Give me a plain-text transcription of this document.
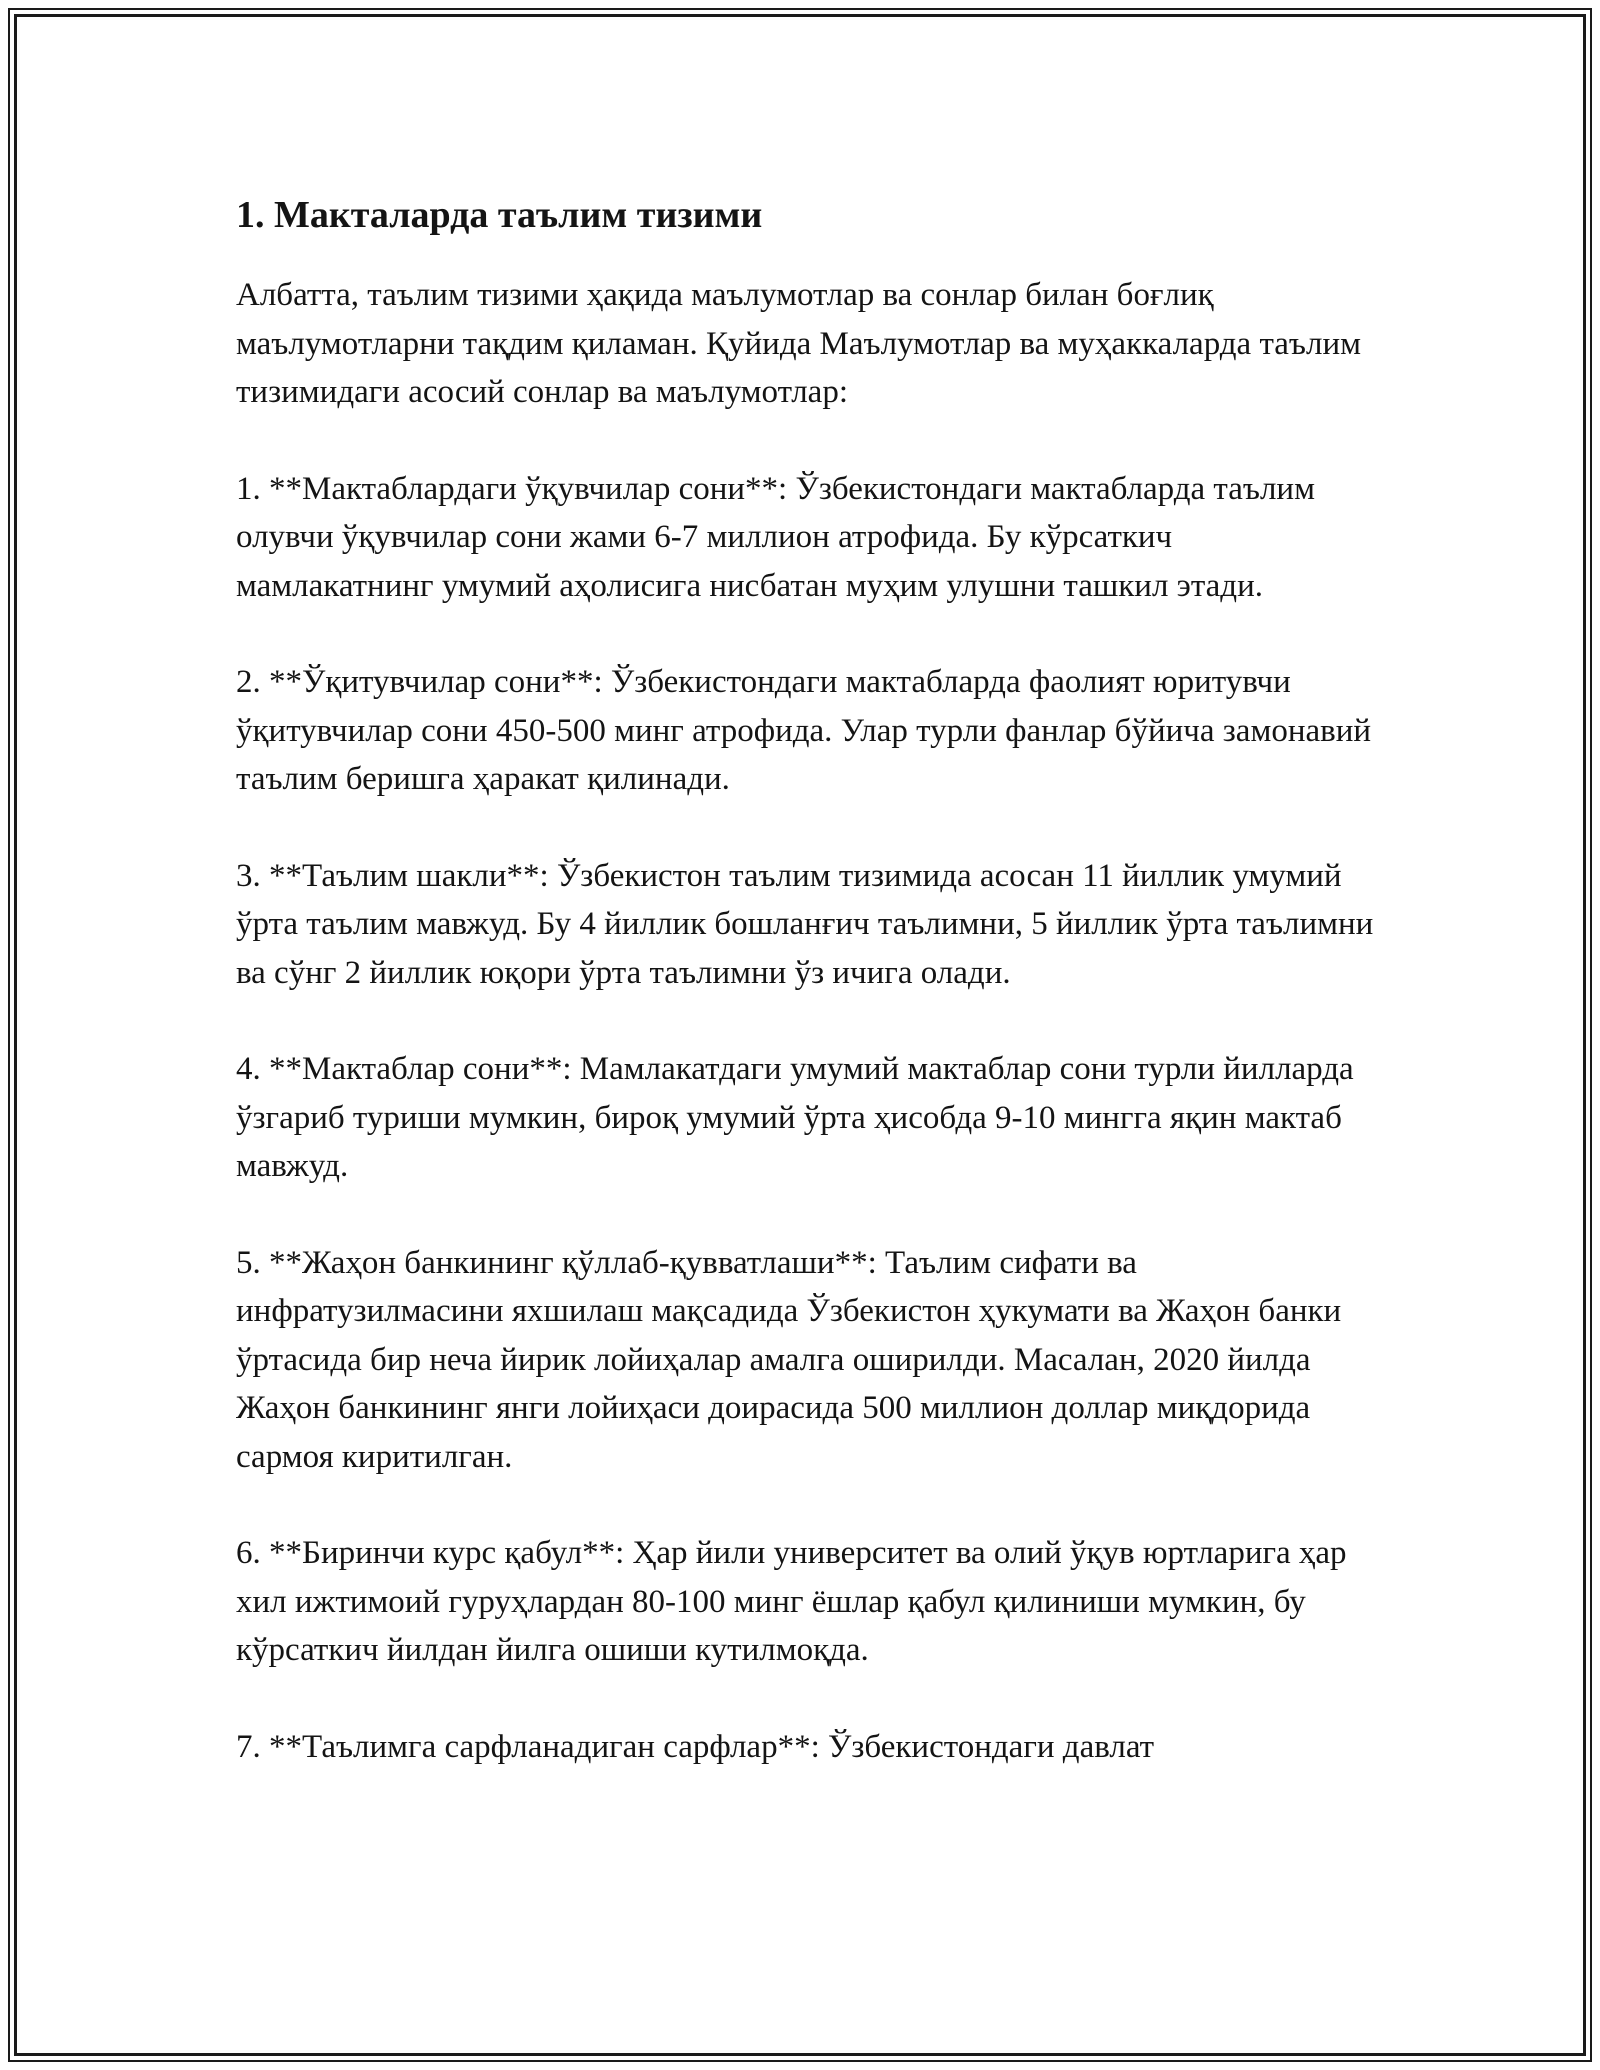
1. Макталарда таълим тизими

Албатта, таълим тизими ҳақида маълумотлар ва сонлар билан боғлиқ маълумотларни тақдим қиламан. Қуйида Маълумотлар ва муҳаккаларда таълим тизимидаги асосий сонлар ва маълумотлар:

1. **Мактаблардаги ўқувчилар сони**: Ўзбекистондаги мактабларда таълим олувчи ўқувчилар сони жами 6-7 миллион атрофида. Бу кўрсаткич мамлакатнинг умумий аҳолисига нисбатан муҳим улушни ташкил этади.

2. **Ўқитувчилар сони**: Ўзбекистондаги мактабларда фаолият юритувчи ўқитувчилар сони 450-500 минг атрофида. Улар турли фанлар бўйича замонавий таълим беришга ҳаракат қилинади.

3. **Таълим шакли**: Ўзбекистон таълим тизимида асосан 11 йиллик умумий ўрта таълим мавжуд. Бу 4 йиллик бошланғич таълимни, 5 йиллик ўрта таълимни ва сўнг 2 йиллик юқори ўрта таълимни ўз ичига олади.

4. **Мактаблар сони**: Мамлакатдаги умумий мактаблар сони турли йилларда ўзгариб туриши мумкин, бироқ умумий ўрта ҳисобда 9-10 мингга яқин мактаб мавжуд.

5. **Жаҳон банкининг қўллаб-қувватлаши**: Таълим сифати ва инфратузилмасини яхшилаш мақсадида Ўзбекистон ҳукумати ва Жаҳон банки ўртасида бир неча йирик лойиҳалар амалга оширилди. Масалан, 2020 йилда Жаҳон банкининг янги лойиҳаси доирасида 500 миллион доллар миқдорида сармоя киритилган.

6. **Биринчи курс қабул**: Ҳар йили университет ва олий ўқув юртларига ҳар хил ижтимоий гуруҳлардан 80-100 минг ёшлар қабул қилиниши мумкин, бу кўрсаткич йилдан йилга ошиши кутилмоқда.

7. **Таълимга сарфланадиган сарфлар**: Ўзбекистондаги давлат
